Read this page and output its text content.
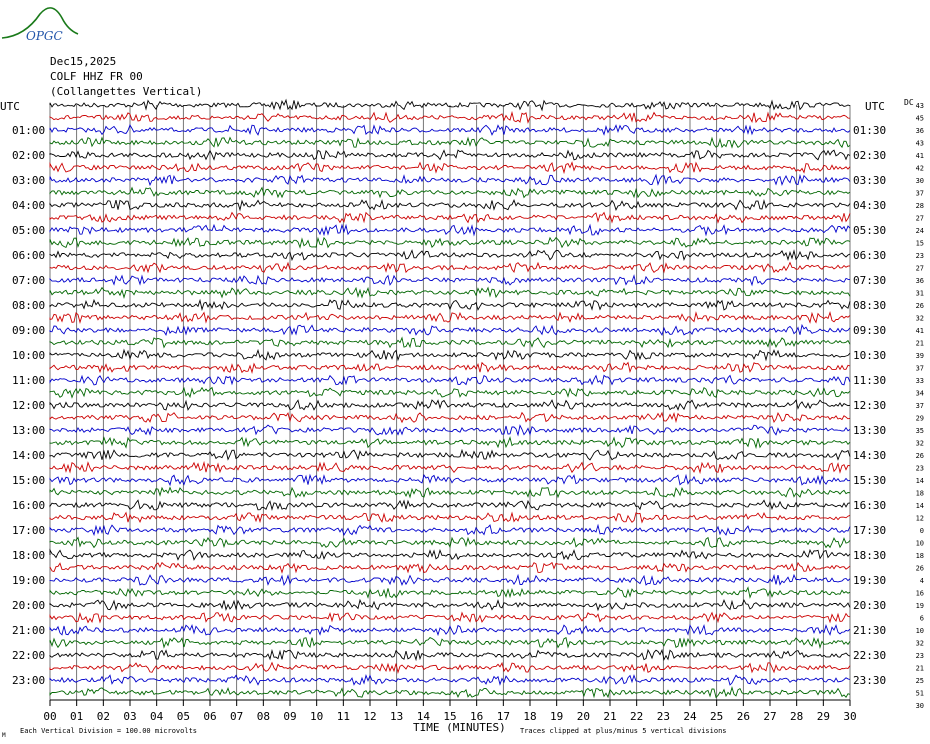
OPGC
Dec15,2025
COLF HHZ FR 00
(Collangettes Vertical)
UTC	UTC DC
01:00
02:00
03:00
04:00
05:00
06:00
07:00
08:00
09:00
10:00
11:00
12:00
13:00
14:00
15:00
16:00
17:00
18:00
19:00
20:00
21:00
22:00
23:00
01:30
02:30
03:30
04:30
05:30
06:30
07:30
08:30
09:30
10:30
11:30
12:30
13:30
14:30
15:30
16:30
17:30
18:30
19:30
20:30
21:30
22:30
23:30
43
45
36
43
41
42
30
37
28
27
24
15
23
27
36
31
26
32
41
21
39
37
33
34
37
29
35
32
26
23
14
18
14
12
0
10
18
26
4
16
19
6
10
32
23
21
25
51
30
00 01 02 03 04 05 06 07 08 09 10 11 12 13 14 15 16 17 18 19 20 21 22 23 24 25 26 27 28 29 30
TIME (MINUTES)
Each Vertical Division = 100.00 microvolts	Traces clipped at plus/minus 5 vertical divisions
M
